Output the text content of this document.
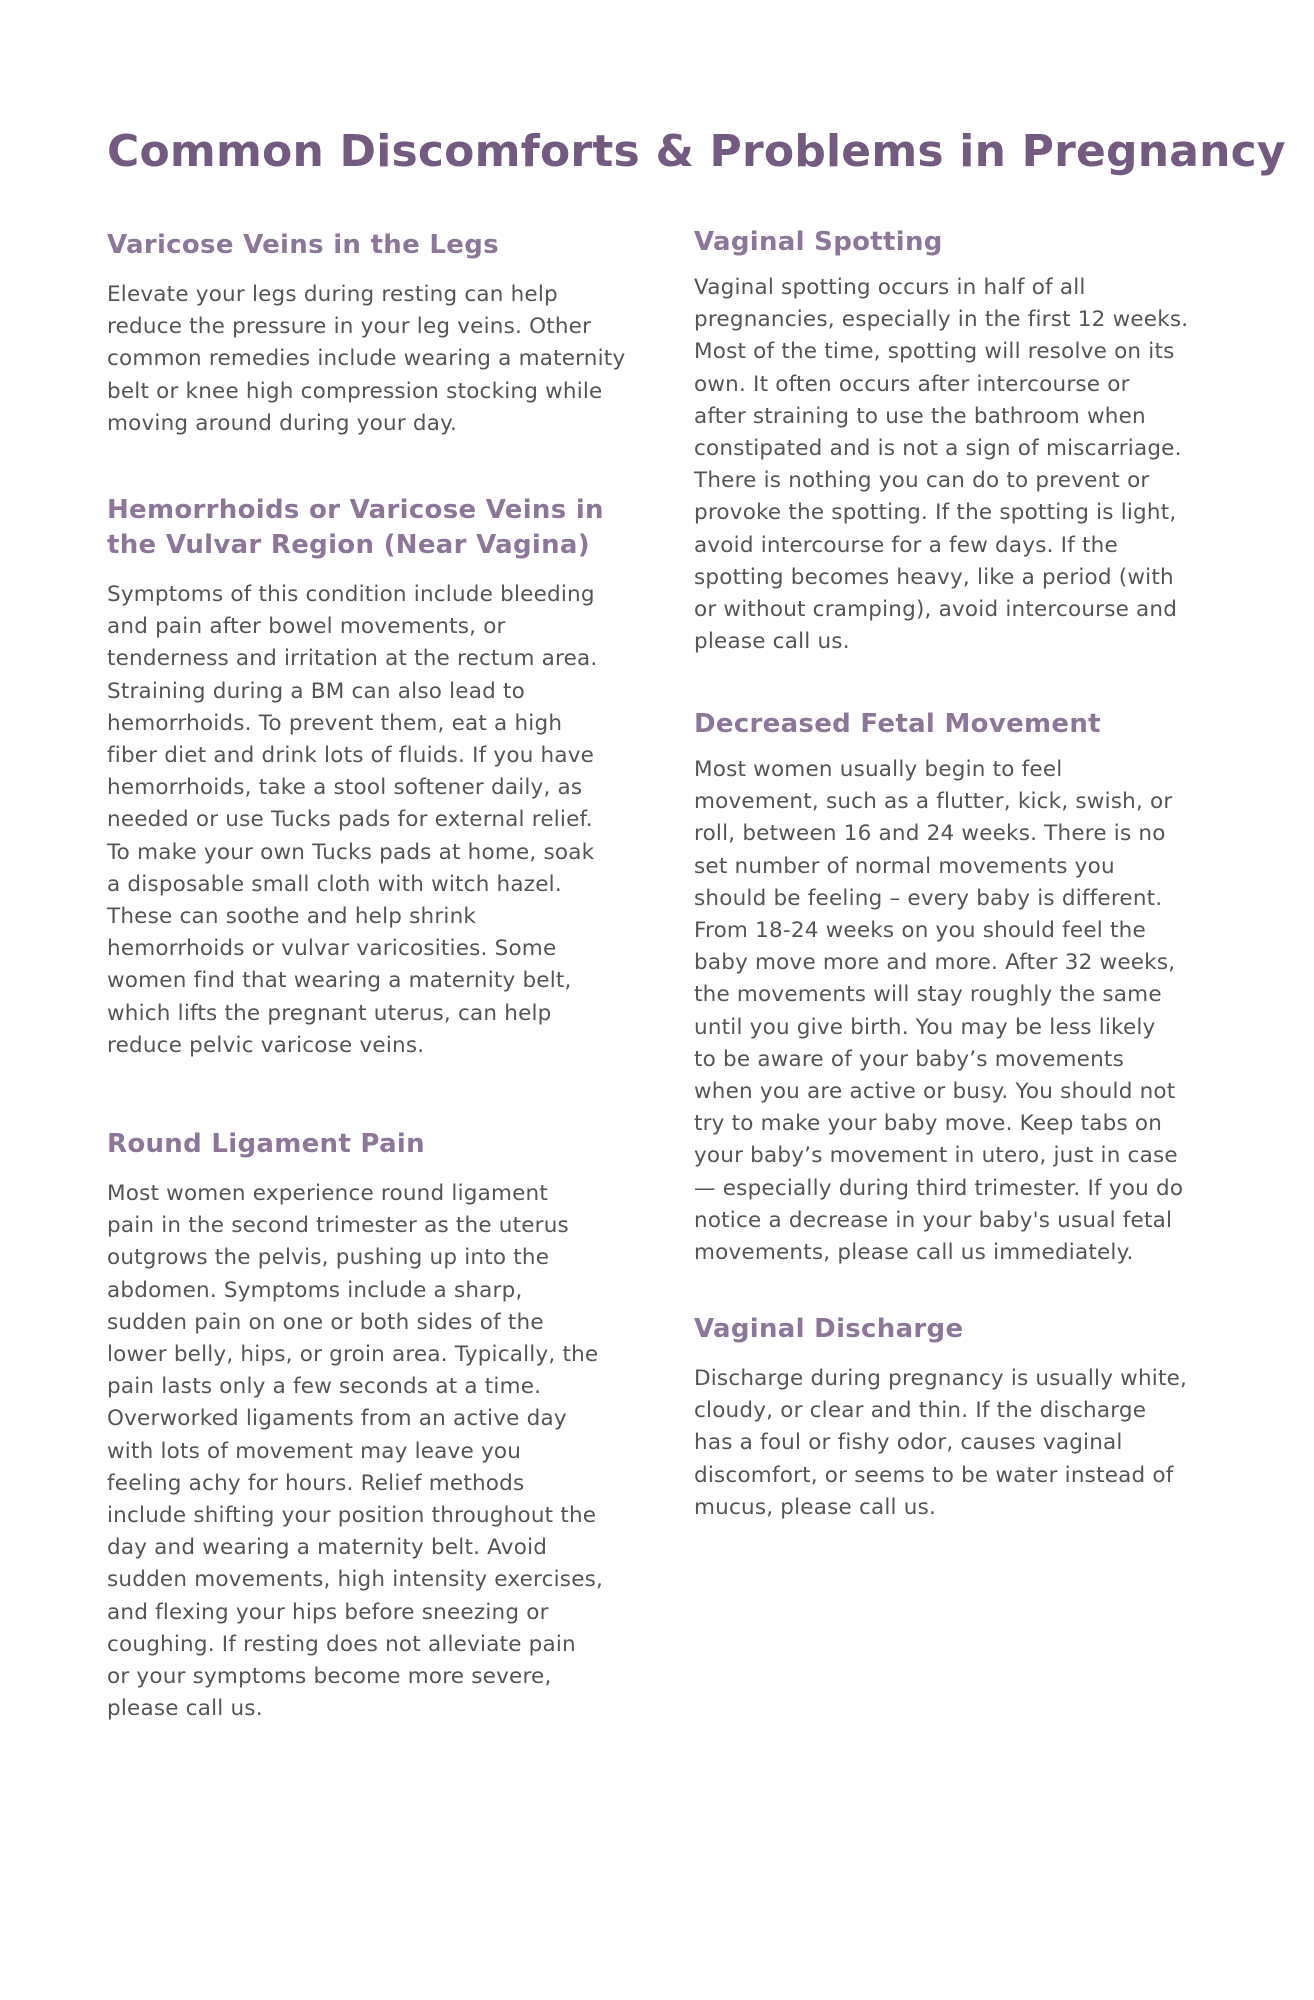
Common Discomforts & Problems in Pregnancy
Varicose Veins in the Legs

Elevate your legs during resting can help
reduce the pressure in your leg veins. Other
common remedies include wearing a maternity
belt or knee high compression stocking while
moving around during your day.

Hemorrhoids or Varicose Veins in
the Vulvar Region (Near Vagina)

Symptoms of this condition include bleeding
and pain after bowel movements, or
tenderness and irritation at the rectum area.
Straining during a BM can also lead to
hemorrhoids. To prevent them, eat a high
fiber diet and drink lots of fluids. If you have
hemorrhoids, take a stool softener daily, as
needed or use Tucks pads for external relief.
To make your own Tucks pads at home, soak
a disposable small cloth with witch hazel.
These can soothe and help shrink
hemorrhoids or vulvar varicosities. Some
women find that wearing a maternity belt,
which lifts the pregnant uterus, can help
reduce pelvic varicose veins.

Round Ligament Pain

Most women experience round ligament
pain in the second trimester as the uterus
outgrows the pelvis, pushing up into the
abdomen. Symptoms include a sharp,
sudden pain on one or both sides of the
lower belly, hips, or groin area. Typically, the
pain lasts only a few seconds at a time.
Overworked ligaments from an active day
with lots of movement may leave you
feeling achy for hours. Relief methods
include shifting your position throughout the
day and wearing a maternity belt. Avoid
sudden movements, high intensity exercises,
and flexing your hips before sneezing or
coughing. If resting does not alleviate pain
or your symptoms become more severe,
please call us.

Vaginal Spotting

Vaginal spotting occurs in half of all
pregnancies, especially in the first 12 weeks.
Most of the time, spotting will resolve on its
own. It often occurs after intercourse or
after straining to use the bathroom when
constipated and is not a sign of miscarriage.
There is nothing you can do to prevent or
provoke the spotting. If the spotting is light,
avoid intercourse for a few days. If the
spotting becomes heavy, like a period (with
or without cramping), avoid intercourse and
please call us.

Decreased Fetal Movement

Most women usually begin to feel
movement, such as a flutter, kick, swish, or
roll, between 16 and 24 weeks. There is no
set number of normal movements you
should be feeling – every baby is different.
From 18-24 weeks on you should feel the
baby move more and more. After 32 weeks,
the movements will stay roughly the same
until you give birth. You may be less likely
to be aware of your baby’s movements
when you are active or busy. You should not
try to make your baby move. Keep tabs on
your baby’s movement in utero, just in case
— especially during third trimester. If you do
notice a decrease in your baby's usual fetal
movements, please call us immediately.

Vaginal Discharge

Discharge during pregnancy is usually white,
cloudy, or clear and thin. If the discharge
has a foul or fishy odor, causes vaginal
discomfort, or seems to be water instead of
mucus, please call us.
